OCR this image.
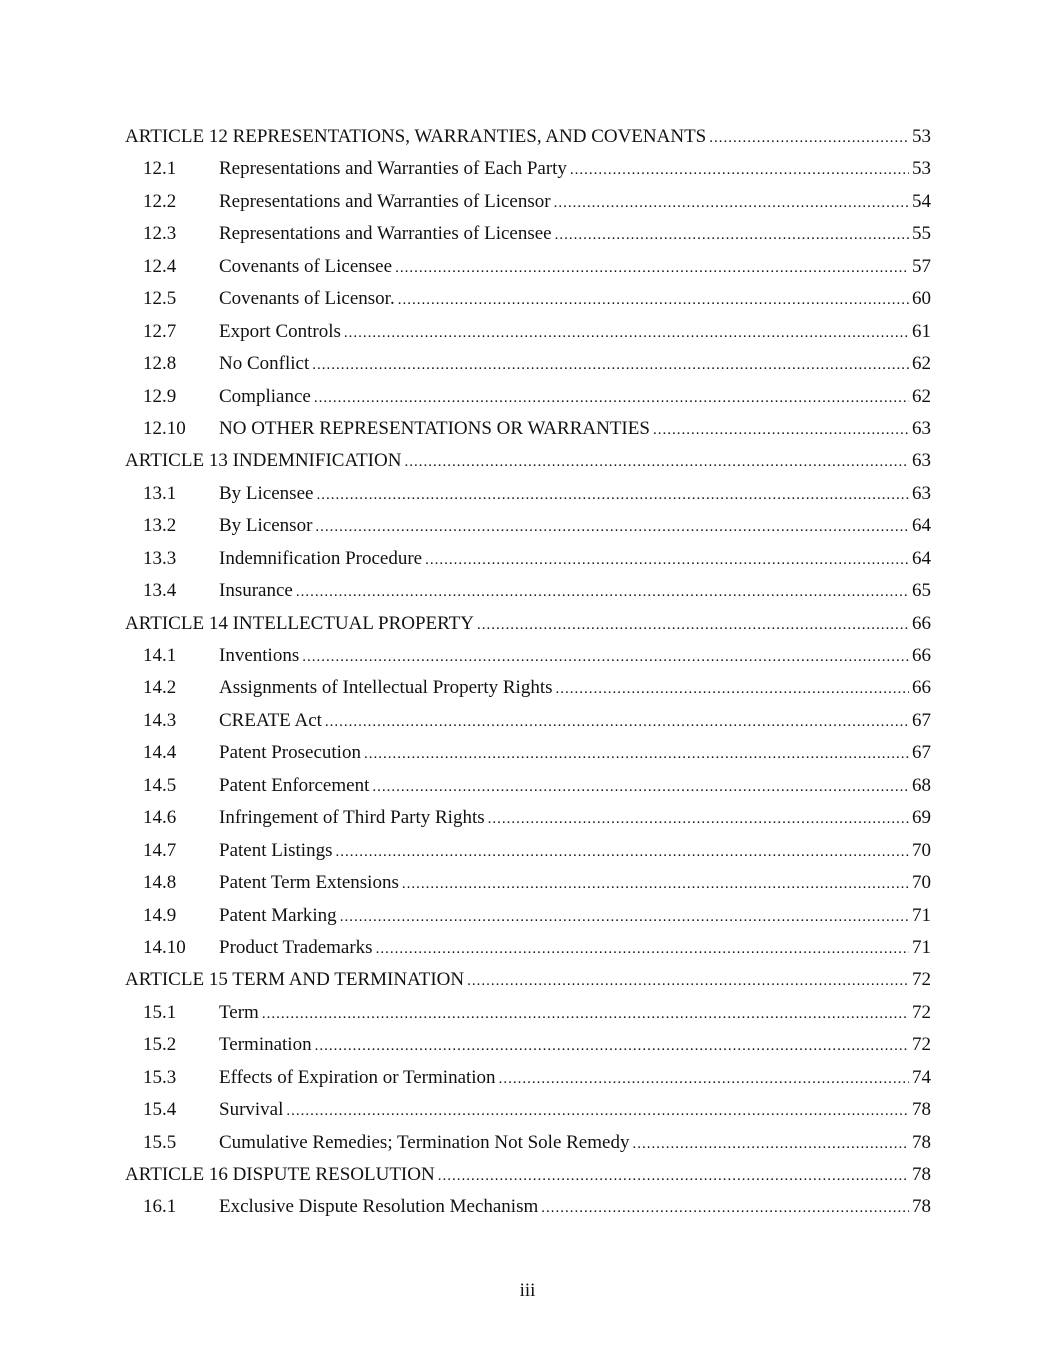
ARTICLE 12 REPRESENTATIONS, WARRANTIES, AND COVENANTS .....	53
12.1	Representations and Warranties of Each Party .....	53
12.2	Representations and Warranties of Licensor .....	54
12.3	Representations and Warranties of Licensee .....	55
12.4	Covenants of Licensee .....	57
12.5	Covenants of Licensor. .....	60
12.7	Export Controls .....	61
12.8	No Conflict .....	62
12.9	Compliance .....	62
12.10	NO OTHER REPRESENTATIONS OR WARRANTIES .....	63
ARTICLE 13 INDEMNIFICATION .....	63
13.1	By Licensee .....	63
13.2	By Licensor .....	64
13.3	Indemnification Procedure .....	64
13.4	Insurance .....	65
ARTICLE 14 INTELLECTUAL PROPERTY .....	66
14.1	Inventions .....	66
14.2	Assignments of Intellectual Property Rights .....	66
14.3	CREATE Act .....	67
14.4	Patent Prosecution .....	67
14.5	Patent Enforcement .....	68
14.6	Infringement of Third Party Rights .....	69
14.7	Patent Listings .....	70
14.8	Patent Term Extensions .....	70
14.9	Patent Marking .....	71
14.10	Product Trademarks .....	71
ARTICLE 15 TERM AND TERMINATION .....	72
15.1	Term .....	72
15.2	Termination .....	72
15.3	Effects of Expiration or Termination .....	74
15.4	Survival .....	78
15.5	Cumulative Remedies; Termination Not Sole Remedy .....	78
ARTICLE 16 DISPUTE RESOLUTION .....	78
16.1	Exclusive Dispute Resolution Mechanism .....	78
iii
